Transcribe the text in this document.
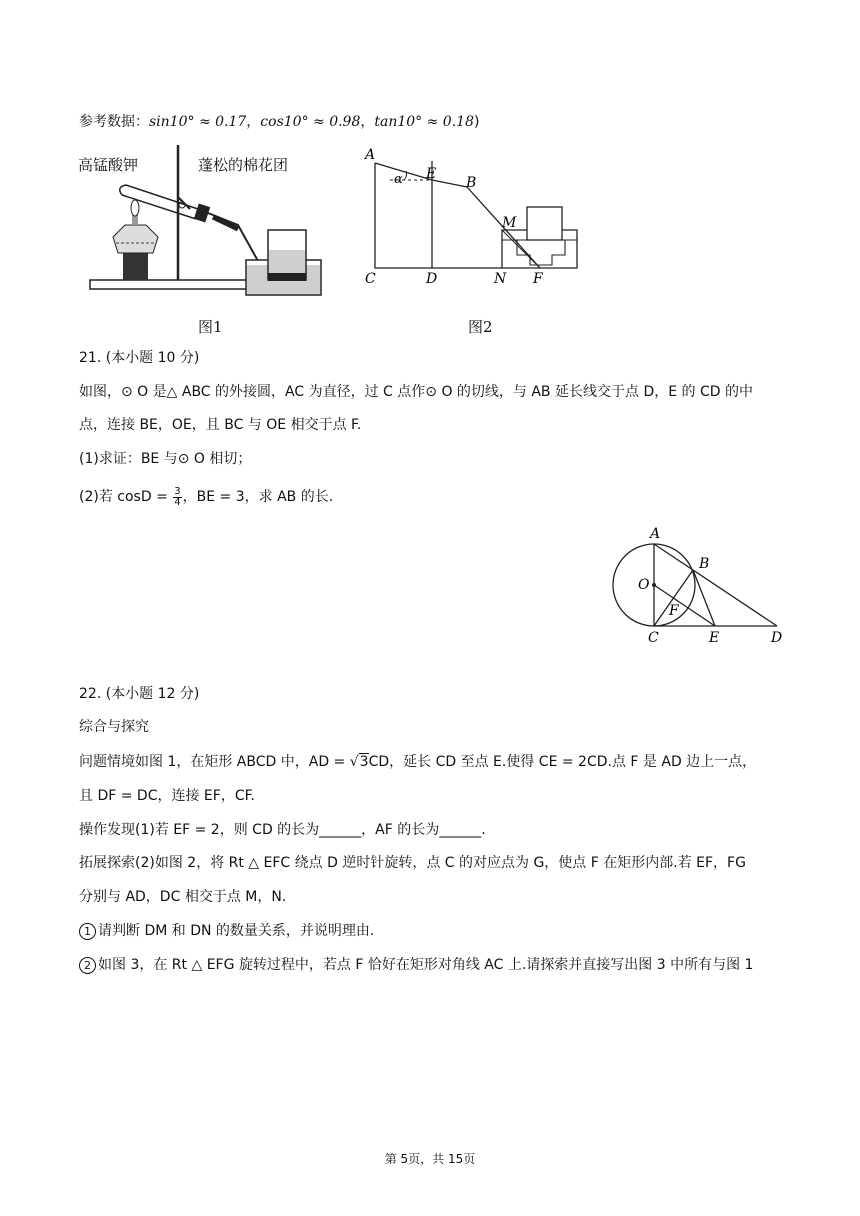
参考数据：sin10° ≈ 0.17，cos10° ≈ 0.98，tan10° ≈ 0.18)
高锰酸钾	蓬松的棉花团
A
E
B
M
C	D	N F
α
图1	图2
21. (本小题 10 分)
如图，⊙ O 是△ ABC 的外接圆，AC 为直径，过 C 点作⊙ O 的切线，与 AB 延长线交于点 D，E 的 CD 的中
点，连接 BE，OE，且 BC 与 OE 相交于点 F.
(1)求证：BE 与⊙ O 相切；
(2)若 $\cos D = \frac{3}{4}$ ，BE = 3，求 AB 的长.
A
B
O
F
C	E	D
22. (本小题 12 分)
综合与探究
问题情境如图 1，在矩形 ABCD 中，AD = √3CD，延长 CD 至点 E.使得 CE = 2CD.点 F 是 AD 边上一点，
且 DF = DC，连接 EF，CF.
操作发现(1)若 EF = 2，则 CD 的长为______，AF 的长为______.
拓展探索(2)如图 2，将 Rt △ EFC 绕点 D 逆时针旋转，点 C 的对应点为 G，使点 F 在矩形内部.若 EF，FG
分别与 AD，DC 相交于点 M，N.
1 请判断 DM 和 DN 的数量关系，并说明理由.
2 如图 3，在 Rt △ EFG 旋转过程中，若点 F 恰好在矩形对角线 AC 上.请探索并直接写出图 3 中所有与图 1
第 5页，共 15页
